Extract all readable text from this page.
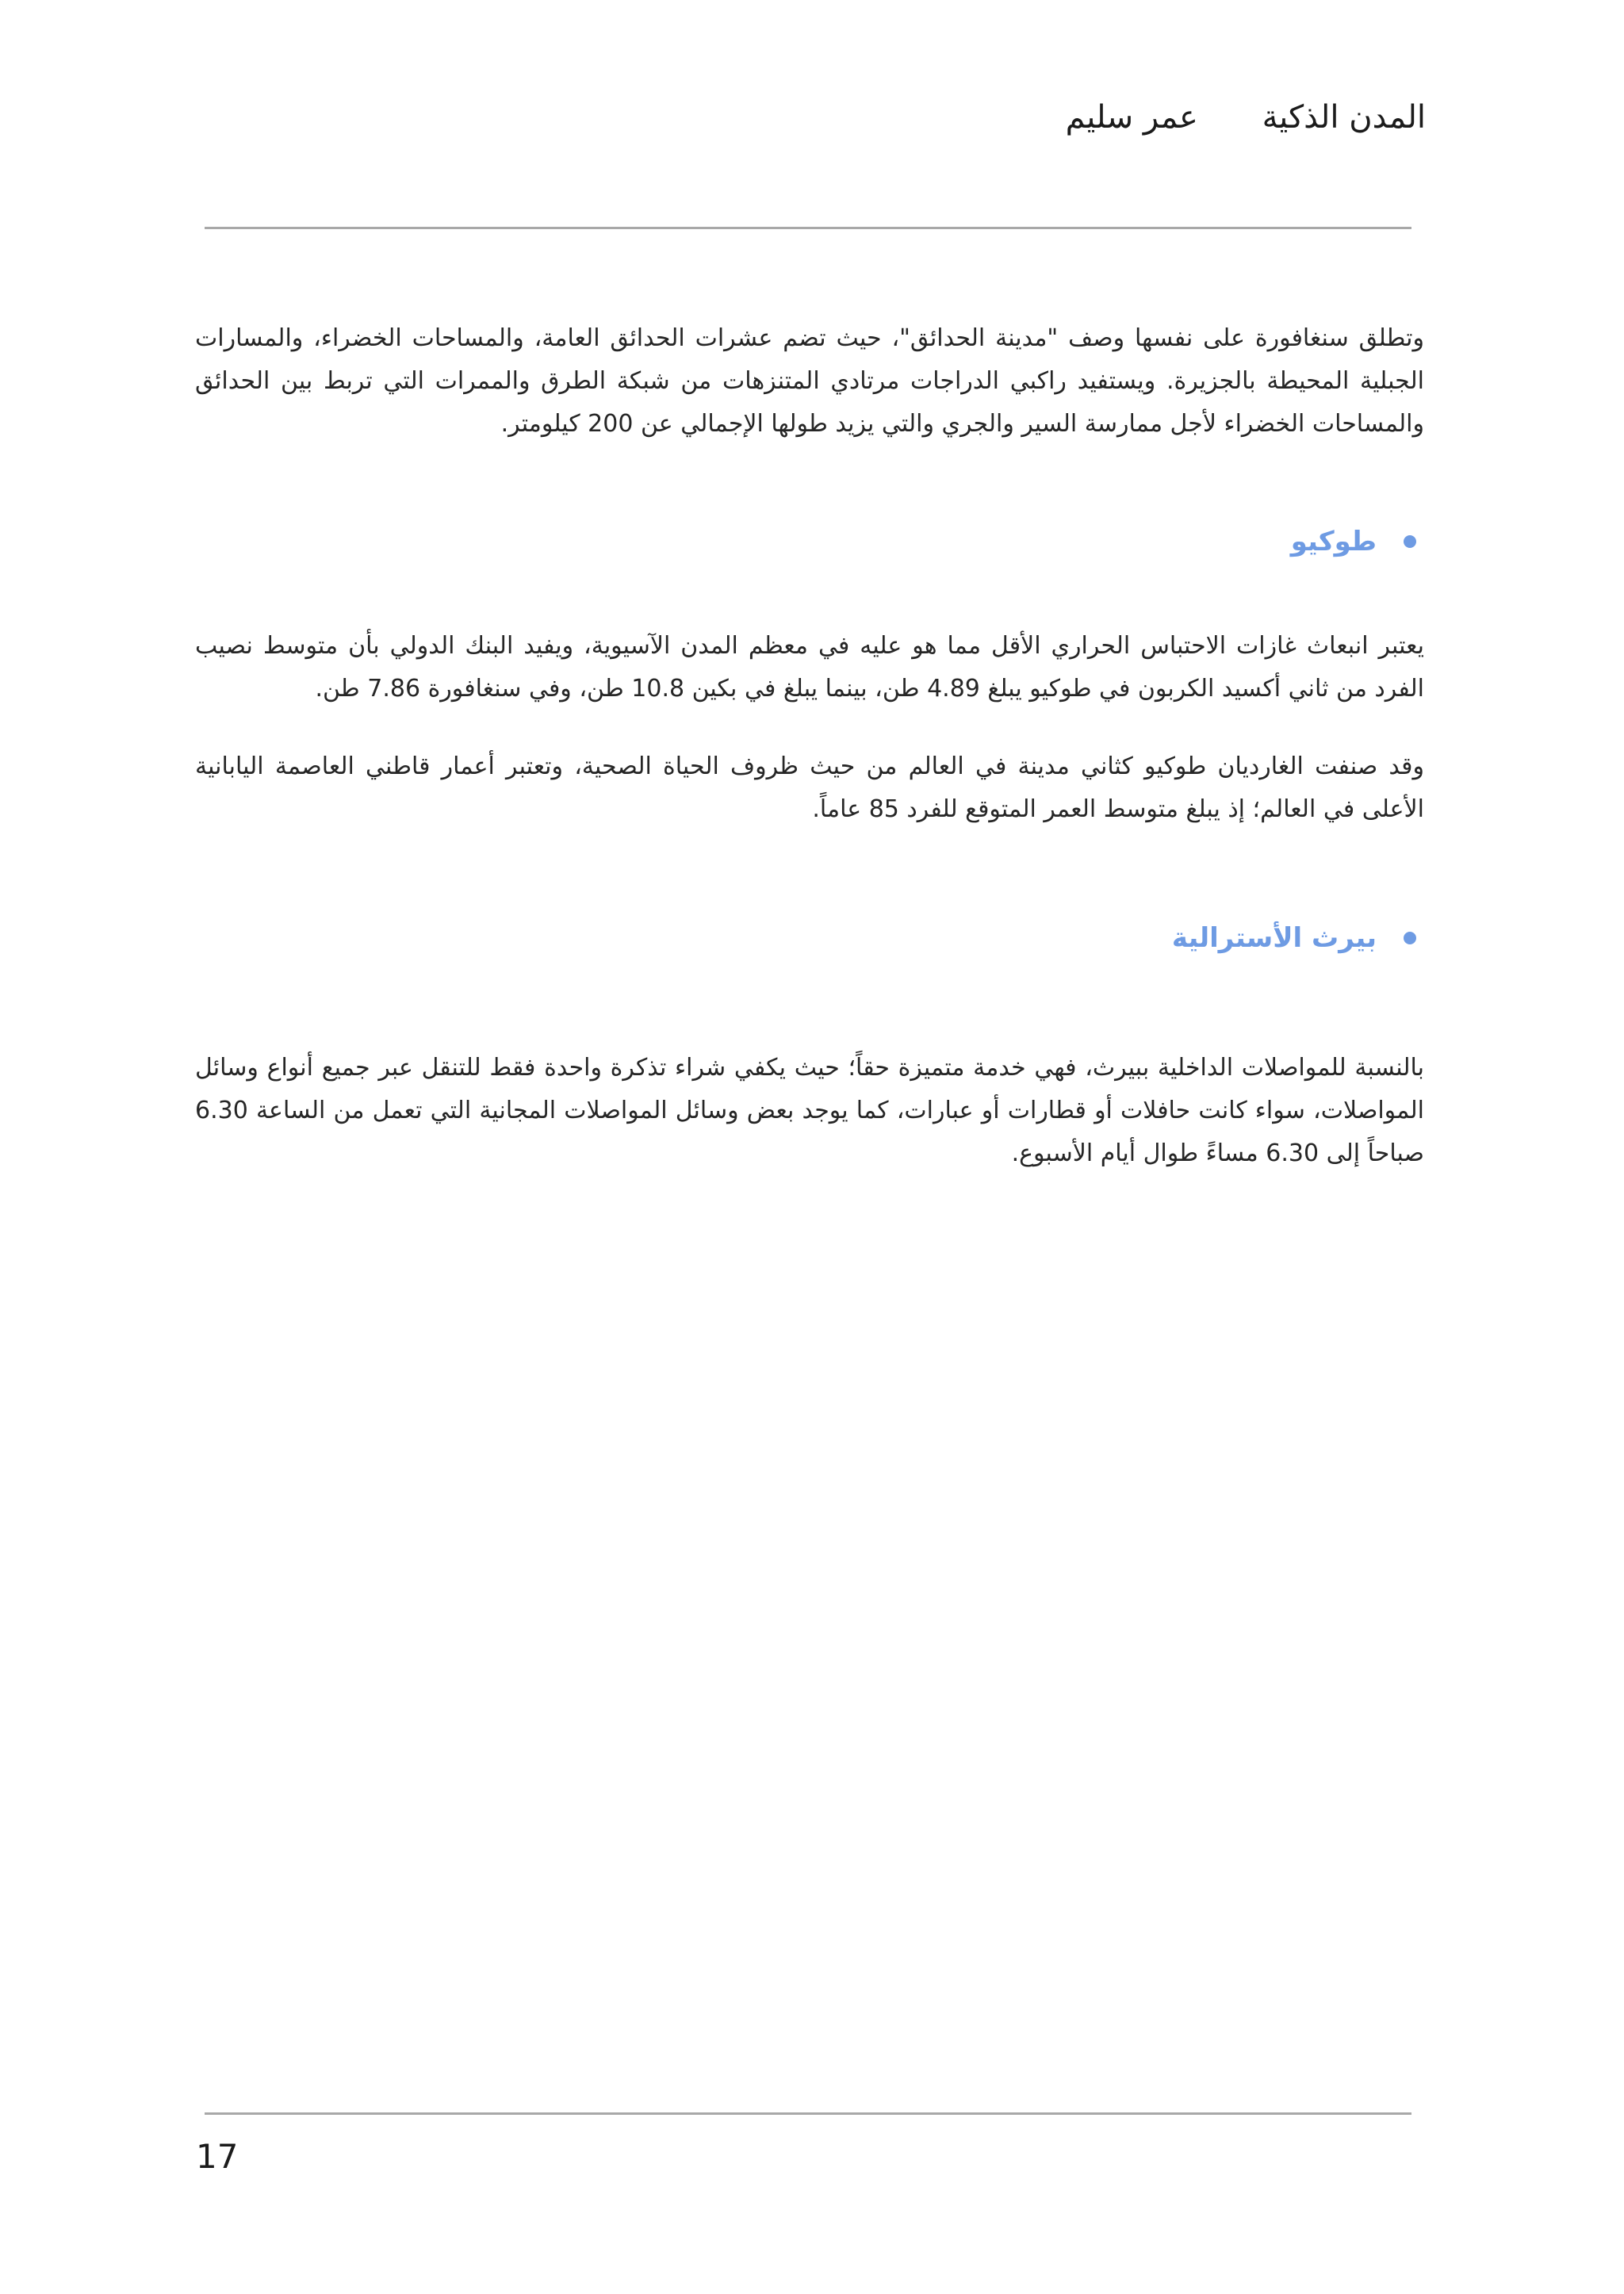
المدن الذكية عمر سليم

وتطلق سنغافورة على نفسها وصف "مدينة الحدائق"، حيث تضم عشرات الحدائق العامة، والمساحات الخضراء، والمسارات الجبلية المحيطة بالجزيرة. ويستفيد راكبي الدراجات مرتادي المتنزهات من شبكة الطرق والممرات التي تربط بين الحدائق والمساحات الخضراء لأجل ممارسة السير والجري والتي يزيد طولها الإجمالي عن 200 كيلومتر.

طوكيو

يعتبر انبعاث غازات الاحتباس الحراري الأقل مما هو عليه في معظم المدن الآسيوية، ويفيد البنك الدولي بأن متوسط نصيب الفرد من ثاني أكسيد الكربون في طوكيو يبلغ 4.89 طن، بينما يبلغ في بكين 10.8 طن، وفي سنغافورة 7.86 طن.

وقد صنفت الغارديان طوكيو كثاني مدينة في العالم من حيث ظروف الحياة الصحية، وتعتبر أعمار قاطني العاصمة اليابانية الأعلى في العالم؛ إذ يبلغ متوسط العمر المتوقع للفرد 85 عاماً.

بيرث الأسترالية

بالنسبة للمواصلات الداخلية ببيرث، فهي خدمة متميزة حقاً؛ حيث يكفي شراء تذكرة واحدة فقط للتنقل عبر جميع أنواع وسائل المواصلات، سواء كانت حافلات أو قطارات أو عبارات، كما يوجد بعض وسائل المواصلات المجانية التي تعمل من الساعة 6.30 صباحاً إلى 6.30 مساءً طوال أيام الأسبوع.

17
